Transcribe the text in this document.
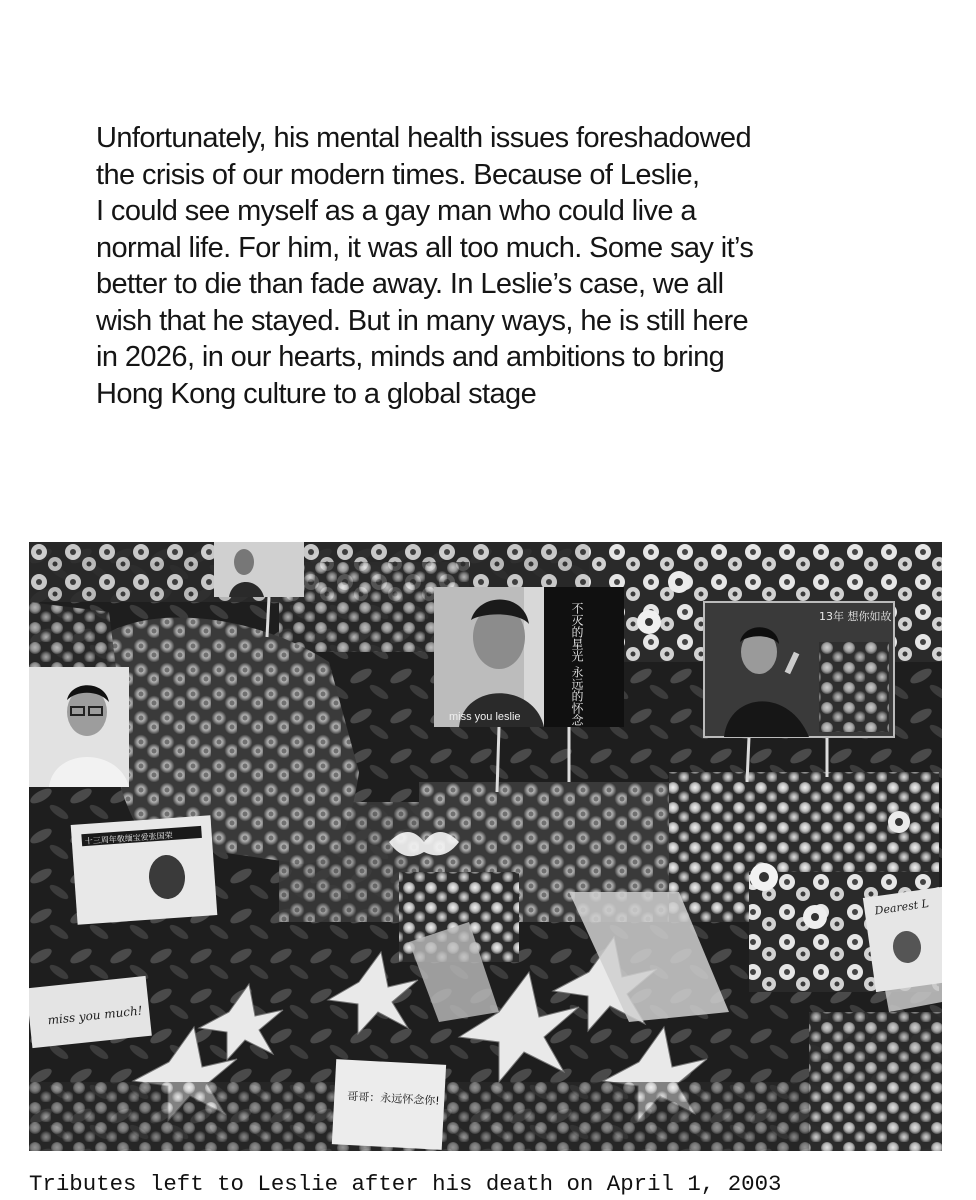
Unfortunately, his mental health issues foreshadowed
the crisis of our modern times. Because of Leslie,
I could see myself as a gay man who could live a
normal life. For him, it was all too much. Some say it’s
better to die than fade away. In Leslie’s case, we all
wish that he stayed. But in many ways, he is still here
in 2026, in our hearts, minds and ambitions to bring
Hong Kong culture to a global stage

miss you leslie	不灭的星光 永远的怀念	13年 想你如故
十三周年敬缅宝爱张国荣
miss you much!
哥哥：永远怀念你!
Dearest L

Tributes left to Leslie after his death on April 1, 2003
